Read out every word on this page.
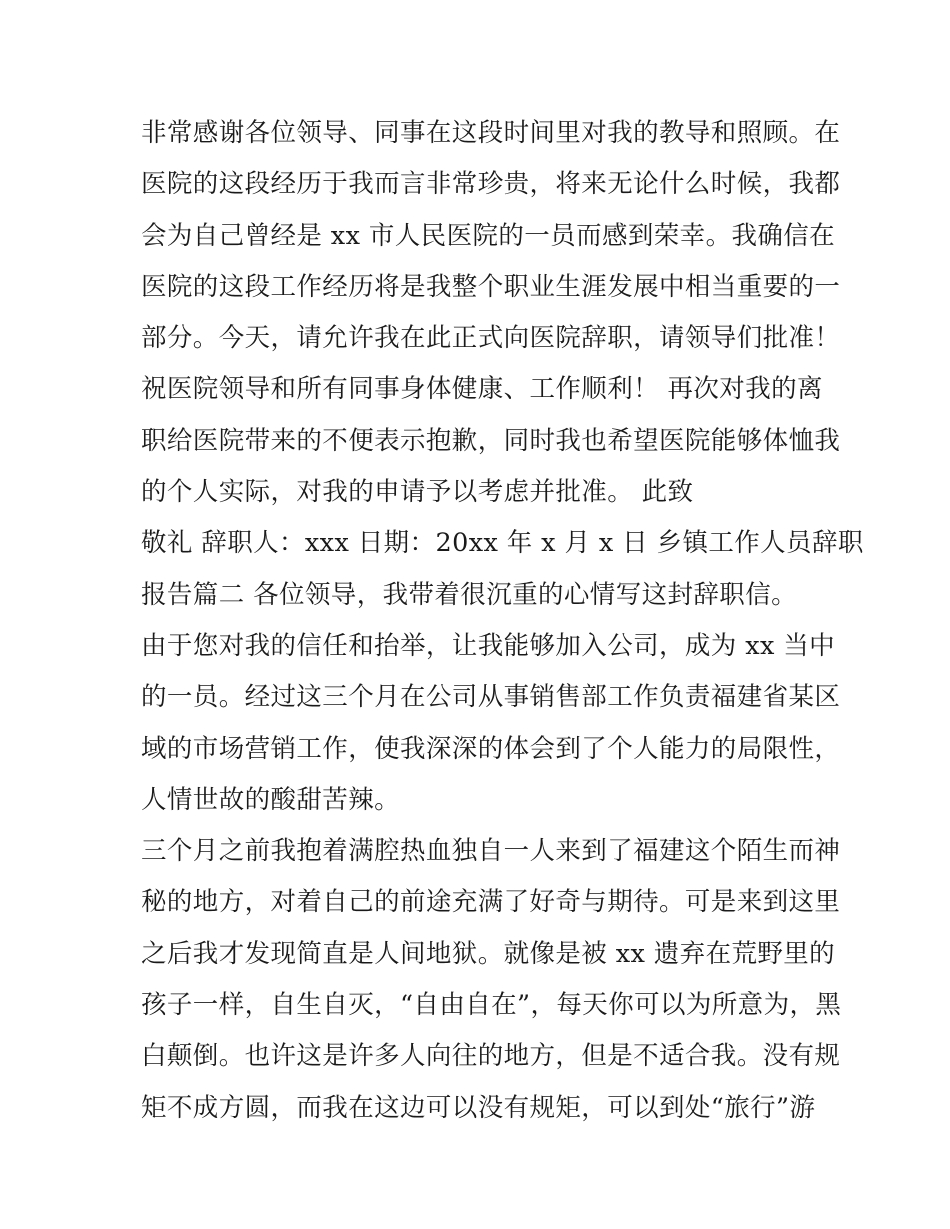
非常感谢各位领导、同事在这段时间里对我的教导和照顾。在
医院的这段经历于我而言非常珍贵，将来无论什么时候，我都
会为自己曾经是 xx 市人民医院的一员而感到荣幸。我确信在
医院的这段工作经历将是我整个职业生涯发展中相当重要的一
部分。今天，请允许我在此正式向医院辞职，请领导们批准！
祝医院领导和所有同事身体健康、工作顺利！ 再次对我的离
职给医院带来的不便表示抱歉，同时我也希望医院能够体恤我
的个人实际，对我的申请予以考虑并批准。 此致
敬礼 辞职人：xxx 日期：20xx 年 x 月 x 日 乡镇工作人员辞职
报告篇二 各位领导，我带着很沉重的心情写这封辞职信。
由于您对我的信任和抬举，让我能够加入公司，成为 xx 当中
的一员。经过这三个月在公司从事销售部工作负责福建省某区
域的市场营销工作，使我深深的体会到了个人能力的局限性，
人情世故的酸甜苦辣。
三个月之前我抱着满腔热血独自一人来到了福建这个陌生而神
秘的地方，对着自己的前途充满了好奇与期待。可是来到这里
之后我才发现简直是人间地狱。就像是被 xx 遗弃在荒野里的
孩子一样，自生自灭，“自由自在”，每天你可以为所意为，黑
白颠倒。也许这是许多人向往的地方，但是不适合我。没有规
矩不成方圆，而我在这边可以没有规矩，可以到处“旅行”游
